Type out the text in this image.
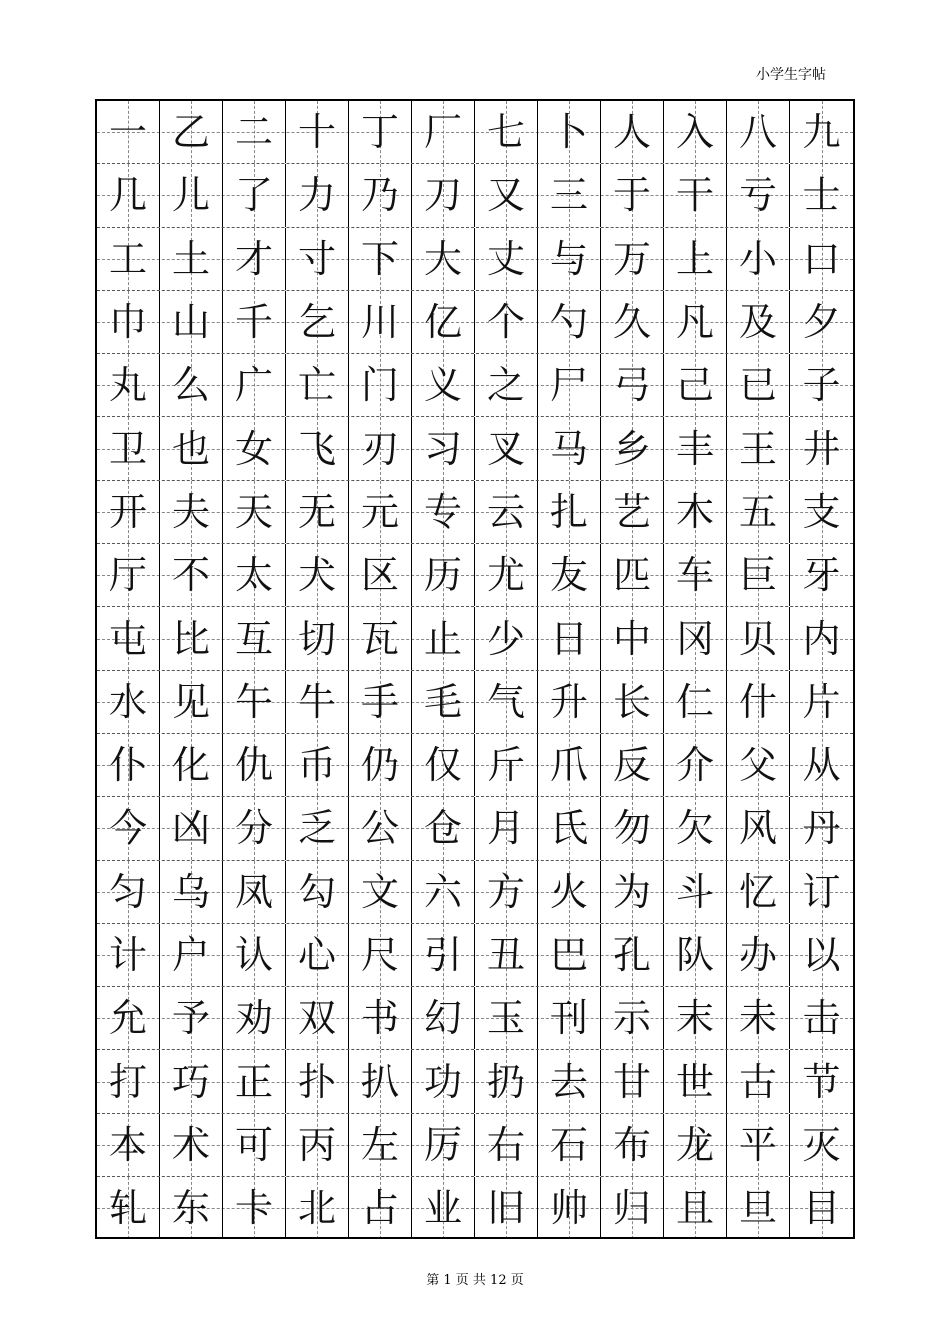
小学生字帖
一 乙 二 十 丁 厂 七 卜 人 入 八 九
几 儿 了 力 乃 刀 又 三 于 干 亏 士
工 土 才 寸 下 大 丈 与 万 上 小 口
巾 山 千 乞 川 亿 个 勺 久 凡 及 夕
丸 么 广 亡 门 义 之 尸 弓 己 已 子
卫 也 女 飞 刃 习 叉 马 乡 丰 王 井
开 夫 天 无 元 专 云 扎 艺 木 五 支
厅 不 太 犬 区 历 尤 友 匹 车 巨 牙
屯 比 互 切 瓦 止 少 日 中 冈 贝 内
水 见 午 牛 手 毛 气 升 长 仁 什 片
仆 化 仇 币 仍 仅 斤 爪 反 介 父 从
今 凶 分 乏 公 仓 月 氏 勿 欠 风 丹
匀 乌 凤 勾 文 六 方 火 为 斗 忆 订
计 户 认 心 尺 引 丑 巴 孔 队 办 以
允 予 劝 双 书 幻 玉 刊 示 末 未 击
打 巧 正 扑 扒 功 扔 去 甘 世 古 节
本 术 可 丙 左 厉 右 石 布 龙 平 灭
轧 东 卡 北 占 业 旧 帅 归 且 旦 目
第 1 页 共 12 页
